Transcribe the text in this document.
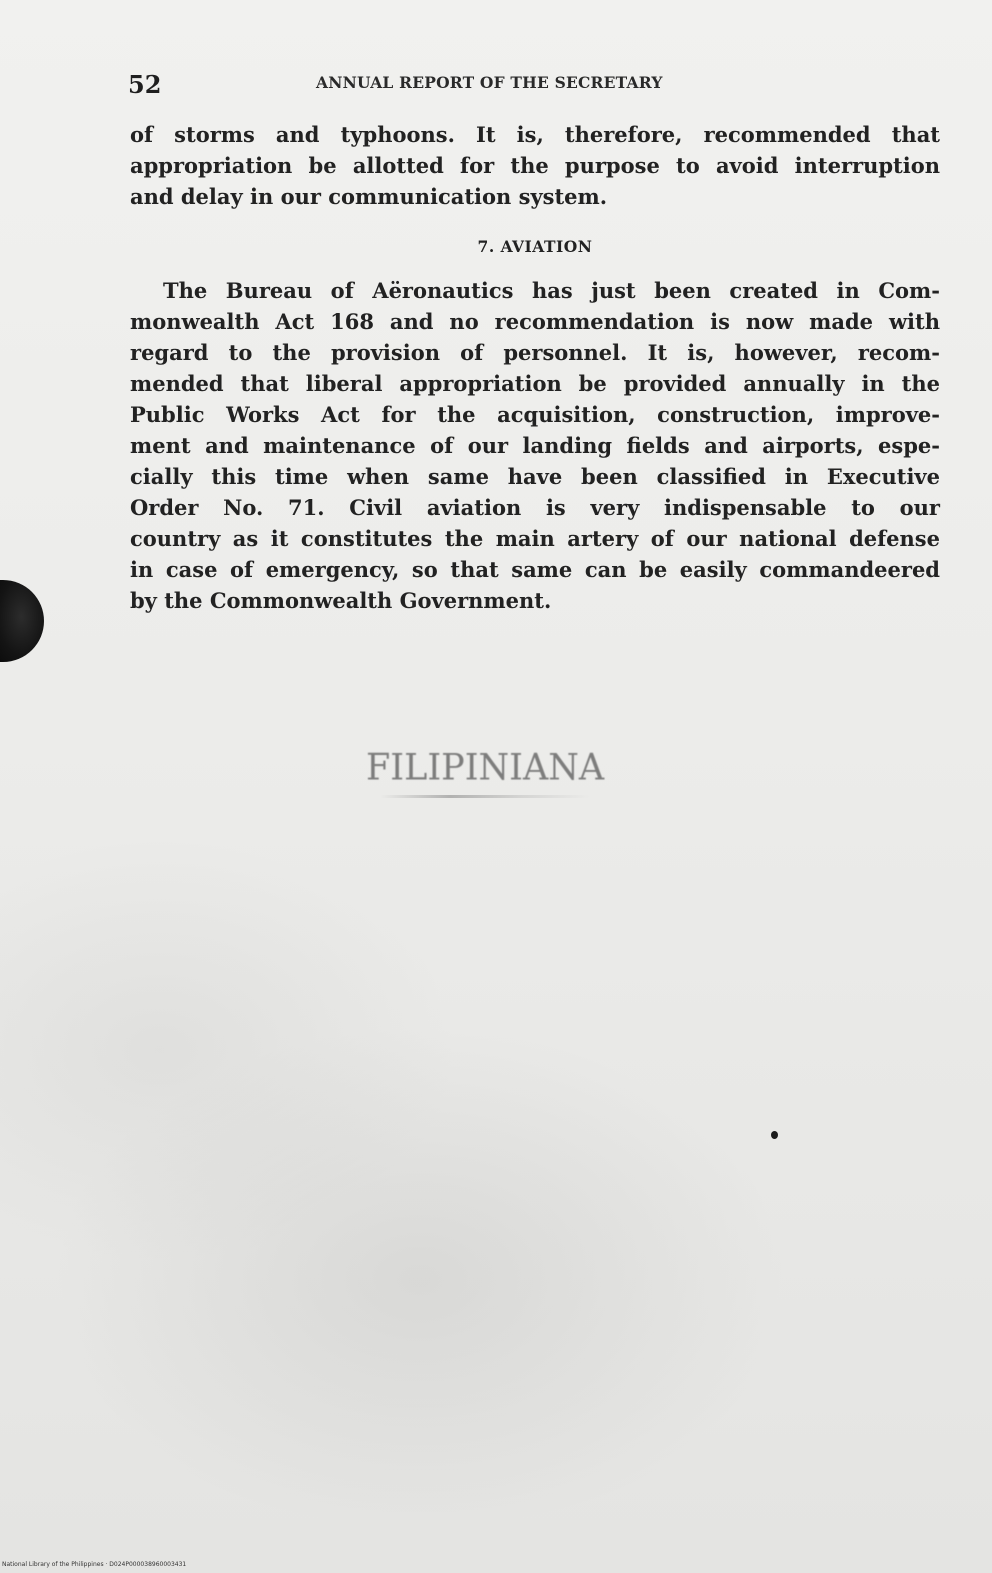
52	ANNUAL REPORT OF THE SECRETARY
of storms and typhoons. It is, therefore, recommended that
appropriation be allotted for the purpose to avoid interruption
and delay in our communication system.
7. AVIATION
The Bureau of Aëronautics has just been created in Com-
monwealth Act 168 and no recommendation is now made with
regard to the provision of personnel. It is, however, recom-
mended that liberal appropriation be provided annually in the
Public Works Act for the acquisition, construction, improve-
ment and maintenance of our landing fields and airports, espe-
cially this time when same have been classified in Executive
Order No. 71. Civil aviation is very indispensable to our
country as it constitutes the main artery of our national defense
in case of emergency, so that same can be easily commandeered
by the Commonwealth Government.
FILIPINIANA
National Library of the Philippines · D024P000038960003431
